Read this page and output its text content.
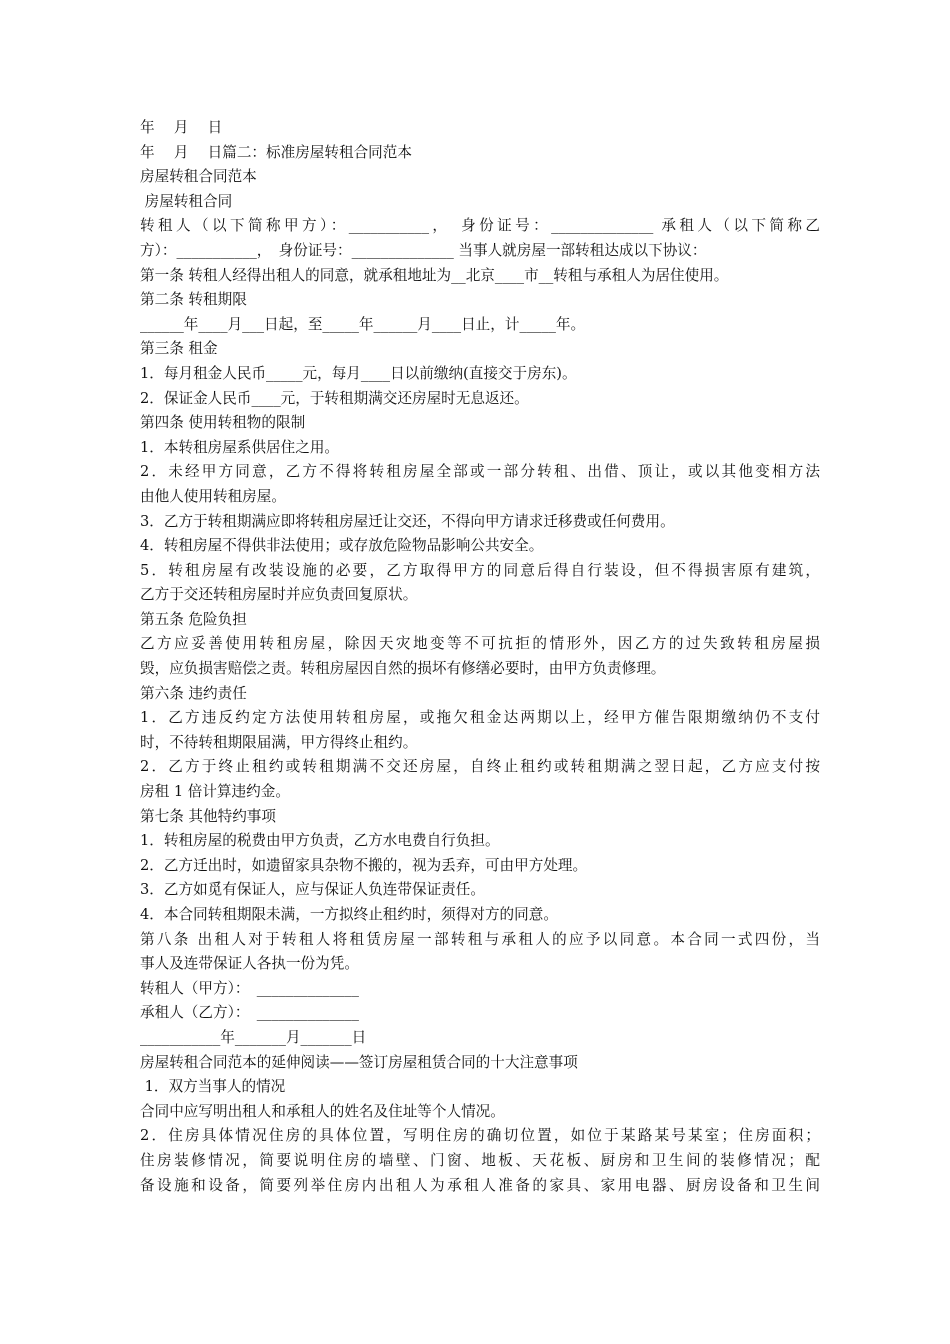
年　 月　 日
年　 月　 日篇二：标准房屋转租合同范本
房屋转租合同范本
房屋转租合同
转租人（以下简称甲方）：___________，　身份证号：______________ 承租人（以下简称乙
方）：___________，　身份证号：______________ 当事人就房屋一部转租达成以下协议：
第一条 转租人经得出租人的同意，就承租地址为__北京____市__转租与承租人为居住使用。
第二条 转租期限
______年____月___日起，至_____年______月____日止，计_____年。
第三条 租金
1．每月租金人民币_____元，每月____日以前缴纳(直接交于房东)。
2．保证金人民币____元，于转租期满交还房屋时无息返还。
第四条 使用转租物的限制
1．本转租房屋系供居住之用。
2．未经甲方同意，乙方不得将转租房屋全部或一部分转租、出借、顶让，或以其他变相方法
由他人使用转租房屋。
3．乙方于转租期满应即将转租房屋迁让交还，不得向甲方请求迁移费或任何费用。
4．转租房屋不得供非法使用；或存放危险物品影响公共安全。
5．转租房屋有改装设施的必要，乙方取得甲方的同意后得自行装设，但不得损害原有建筑，
乙方于交还转租房屋时并应负责回复原状。
第五条 危险负担
乙方应妥善使用转租房屋，除因天灾地变等不可抗拒的情形外，因乙方的过失致转租房屋损
毁，应负损害赔偿之责。转租房屋因自然的损坏有修缮必要时，由甲方负责修理。
第六条 违约责任
1．乙方违反约定方法使用转租房屋，或拖欠租金达两期以上，经甲方催告限期缴纳仍不支付
时，不待转租期限届满，甲方得终止租约。
2．乙方于终止租约或转租期满不交还房屋，自终止租约或转租期满之翌日起，乙方应支付按
房租 1 倍计算违约金。
第七条 其他特约事项
1．转租房屋的税费由甲方负责，乙方水电费自行负担。
2．乙方迁出时，如遗留家具杂物不搬的，视为丢弃，可由甲方处理。
3．乙方如觅有保证人，应与保证人负连带保证责任。
4．本合同转租期限未满，一方拟终止租约时，须得对方的同意。
第八条 出租人对于转租人将租赁房屋一部转租与承租人的应予以同意。本合同一式四份，当
事人及连带保证人各执一份为凭。
转租人（甲方）：　______________
承租人（乙方）：　______________
___________年_______月_______日
房屋转租合同范本的延伸阅读——签订房屋租赁合同的十大注意事项
1．双方当事人的情况
合同中应写明出租人和承租人的姓名及住址等个人情况。
2．住房具体情况住房的具体位置，写明住房的确切位置，如位于某路某号某室；住房面积；
住房装修情况，简要说明住房的墙壁、门窗、地板、天花板、厨房和卫生间的装修情况；配
备设施和设备，简要列举住房内出租人为承租人准备的家具、家用电器、厨房设备和卫生间
